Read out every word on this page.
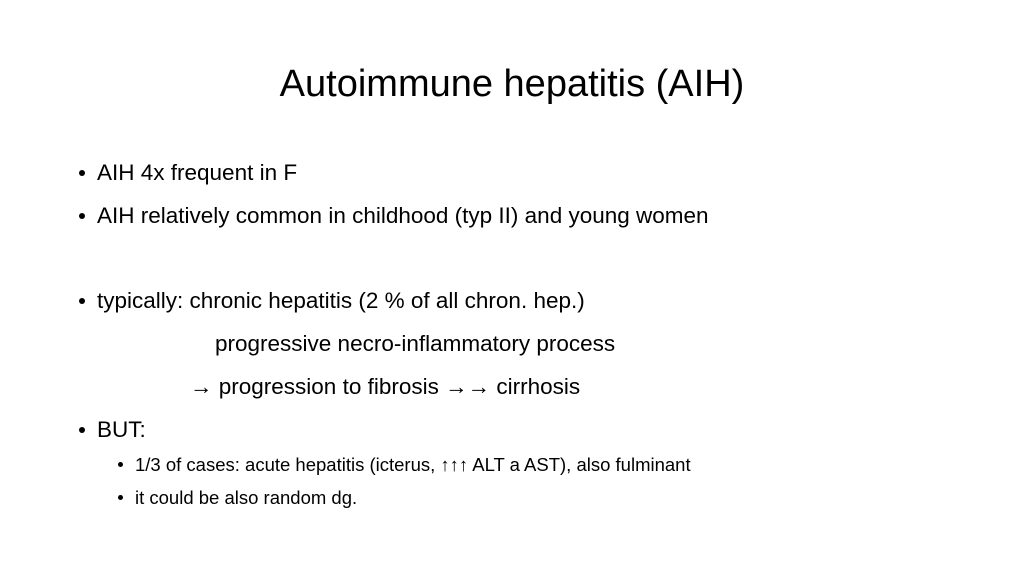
Autoimmune hepatitis (AIH)
AIH 4x frequent in F
AIH relatively common in childhood (typ II) and young women
typically: chronic hepatitis (2 % of all chron. hep.)
progressive necro-inflammatory process
→ progression to fibrosis →→ cirrhosis
BUT:
1/3 of cases: acute hepatitis (icterus, ↑↑↑ ALT a AST), also fulminant
it could be also random dg.
